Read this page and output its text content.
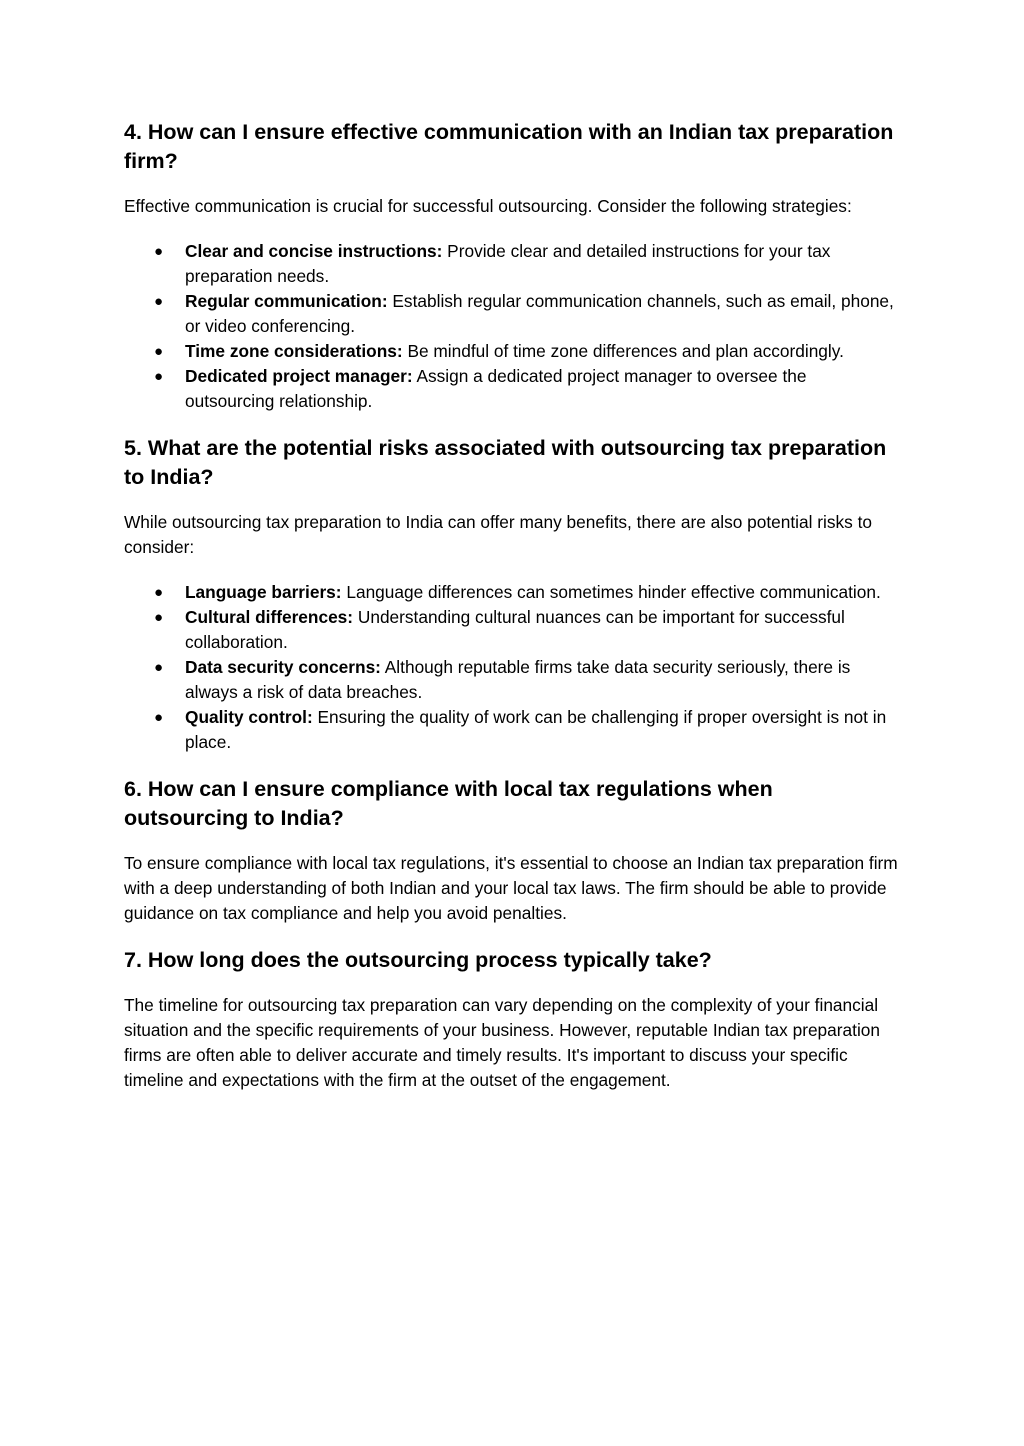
4. How can I ensure effective communication with an Indian tax preparation firm?

Effective communication is crucial for successful outsourcing. Consider the following strategies:

● Clear and concise instructions: Provide clear and detailed instructions for your tax preparation needs.
● Regular communication: Establish regular communication channels, such as email, phone, or video conferencing.
● Time zone considerations: Be mindful of time zone differences and plan accordingly.
● Dedicated project manager: Assign a dedicated project manager to oversee the outsourcing relationship.
5. What are the potential risks associated with outsourcing tax preparation to India?

While outsourcing tax preparation to India can offer many benefits, there are also potential risks to consider:

● Language barriers: Language differences can sometimes hinder effective communication.
● Cultural differences: Understanding cultural nuances can be important for successful collaboration.
● Data security concerns: Although reputable firms take data security seriously, there is always a risk of data breaches.
● Quality control: Ensuring the quality of work can be challenging if proper oversight is not in place.
6. How can I ensure compliance with local tax regulations when outsourcing to India?

To ensure compliance with local tax regulations, it's essential to choose an Indian tax preparation firm with a deep understanding of both Indian and your local tax laws. The firm should be able to provide guidance on tax compliance and help you avoid penalties.

7. How long does the outsourcing process typically take?

The timeline for outsourcing tax preparation can vary depending on the complexity of your financial situation and the specific requirements of your business. However, reputable Indian tax preparation firms are often able to deliver accurate and timely results. It's important to discuss your specific timeline and expectations with the firm at the outset of the engagement.
